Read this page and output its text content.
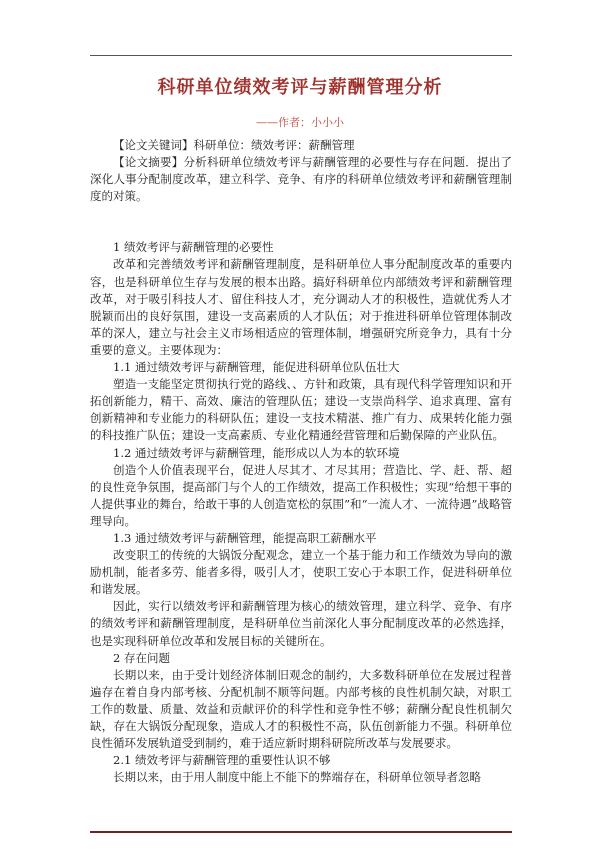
科研单位绩效考评与薪酬管理分析
——作者：小小小

【论文关键词】科研单位：绩效考评：薪酬管理

【论文摘要】分析科研单位绩效考评与薪酬管理的必要性与存在问题．提出了深化人事分配制度改革，建立科学、竞争、有序的科研单位绩效考评和薪酬管理制度的对策。

1 绩效考评与薪酬管理的必要性

改革和完善绩效考评和薪酬管理制度，是科研单位人事分配制度改革的重要内容，也是科研单位生存与发展的根本出路。搞好科研单位内部绩效考评和薪酬管理改革，对于吸引科技人才、留住科技人才，充分调动人才的积极性，造就优秀人才脱颖而出的良好氛围，建设一支高素质的人才队伍；对于推进科研单位管理体制改革的深人，建立与社会主义市场相适应的管理体制，增强研究所竞争力，具有十分重要的意义。主要体现为：

1.1 通过绩效考评与薪酬管理，能促进科研单位队伍壮大

塑造一支能坚定贯彻执行党的路线、、方针和政策，具有现代科学管理知识和开拓创新能力，精干、高效、廉洁的管理队伍；建设一支崇尚科学、追求真理、富有创新精神和专业能力的科研队伍；建设一支技术精湛、推广有力、成果转化能力强的科技推广队伍；建设一支高素质、专业化精通经营管理和后勤保障的产业队伍。

1.2 通过绩效考评与薪酬管理，能形成以人为本的软环境

创造个人价值表现平台，促进人尽其才、才尽其用；营造比、学、赶、帮、超的良性竞争氛围，提高部门与个人的工作绩效，提高工作积极性；实现“给想干事的人提供事业的舞台，给敢干事的人创造宽松的氛围”和“一流人才、一流待遇”战略管理导向。

1.3 通过绩效考评与薪酬管理，能提高职工薪酬水平

改变职工的传统的大锅饭分配观念，建立一个基于能力和工作绩效为导向的激励机制，能者多劳、能者多得，吸引人才，使职工安心于本职工作，促进科研单位和谐发展。

因此，实行以绩效考评和薪酬管理为核心的绩效管理，建立科学、竞争、有序的绩效考评和薪酬管理制度，是科研单位当前深化人事分配制度改革的必然选择，也是实现科研单位改革和发展目标的关键所在。

2 存在问题

长期以来，由于受计划经济体制旧观念的制约，大多数科研单位在发展过程普遍存在着自身内部考核、分配机制不顺等问题。内部考核的良性机制欠缺，对职工工作的数量、质量、效益和贡献评价的科学性和竞争性不够；薪酬分配良性机制欠缺，存在大锅饭分配现象，造成人才的积极性不高，队伍创新能力不强。科研单位良性循环发展轨道受到制约，难于适应新时期科研院所改革与发展要求。

2.1 绩效考评与薪酬管理的重要性认识不够

长期以来，由于用人制度中能上不能下的弊端存在，科研单位领导者忽略
